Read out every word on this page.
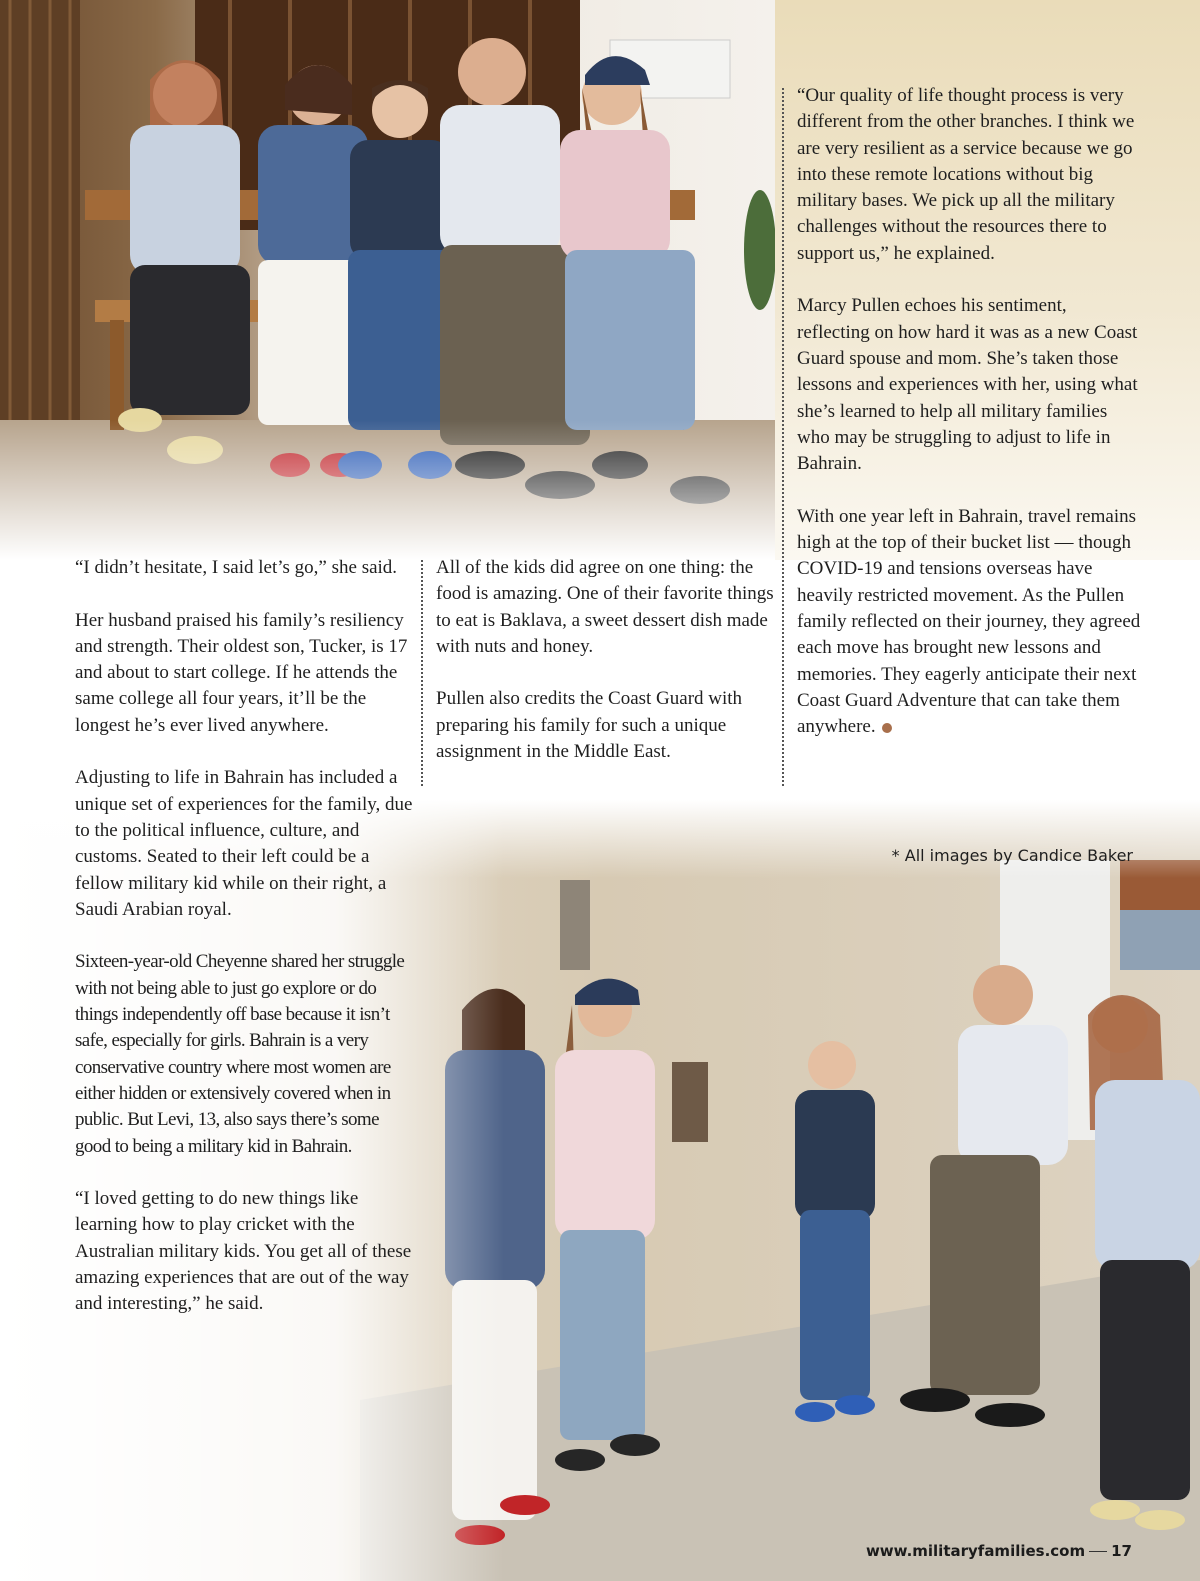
“I didn’t hesitate, I said let’s go,” she said.

Her husband praised his family’s resiliency and strength. Their oldest son, Tucker, is 17 and about to start college. If he attends the same college all four years, it’ll be the longest he’s ever lived anywhere.

Adjusting to life in Bahrain has included a unique set of experiences for the family, due to the political influence, culture, and customs. Seated to their left could be a fellow military kid while on their right, a Saudi Arabian royal.

Sixteen-year-old Cheyenne shared her struggle with not being able to just go explore or do things independently off base because it isn’t safe, especially for girls. Bahrain is a very conservative country where most women are either hidden or extensively covered when in public. But Levi, 13, also says there’s some good to being a military kid in Bahrain.

“I loved getting to do new things like learning how to play cricket with the Australian military kids. You get all of these amazing experiences that are out of the way and interesting,” he said.

All of the kids did agree on one thing: the food is amazing. One of their favorite things to eat is Baklava, a sweet dessert dish made with nuts and honey.

Pullen also credits the Coast Guard with preparing his family for such a unique assignment in the Middle East.

“Our quality of life thought process is very different from the other branches. I think we are very resilient as a service because we go into these remote locations without big military bases. We pick up all the military challenges without the resources there to support us,” he explained.

Marcy Pullen echoes his sentiment, reflecting on how hard it was as a new Coast Guard spouse and mom. She’s taken those lessons and experiences with her, using what she’s learned to help all military families who may be struggling to adjust to life in Bahrain.

With one year left in Bahrain, travel remains high at the top of their bucket list — though COVID-19 and tensions overseas have heavily restricted movement. As the Pullen family reflected on their journey, they agreed each move has brought new lessons and memories. They eagerly anticipate their next Coast Guard Adventure that can take them anywhere.

* All images by Candice Baker
www.militaryfamilies.com 17
